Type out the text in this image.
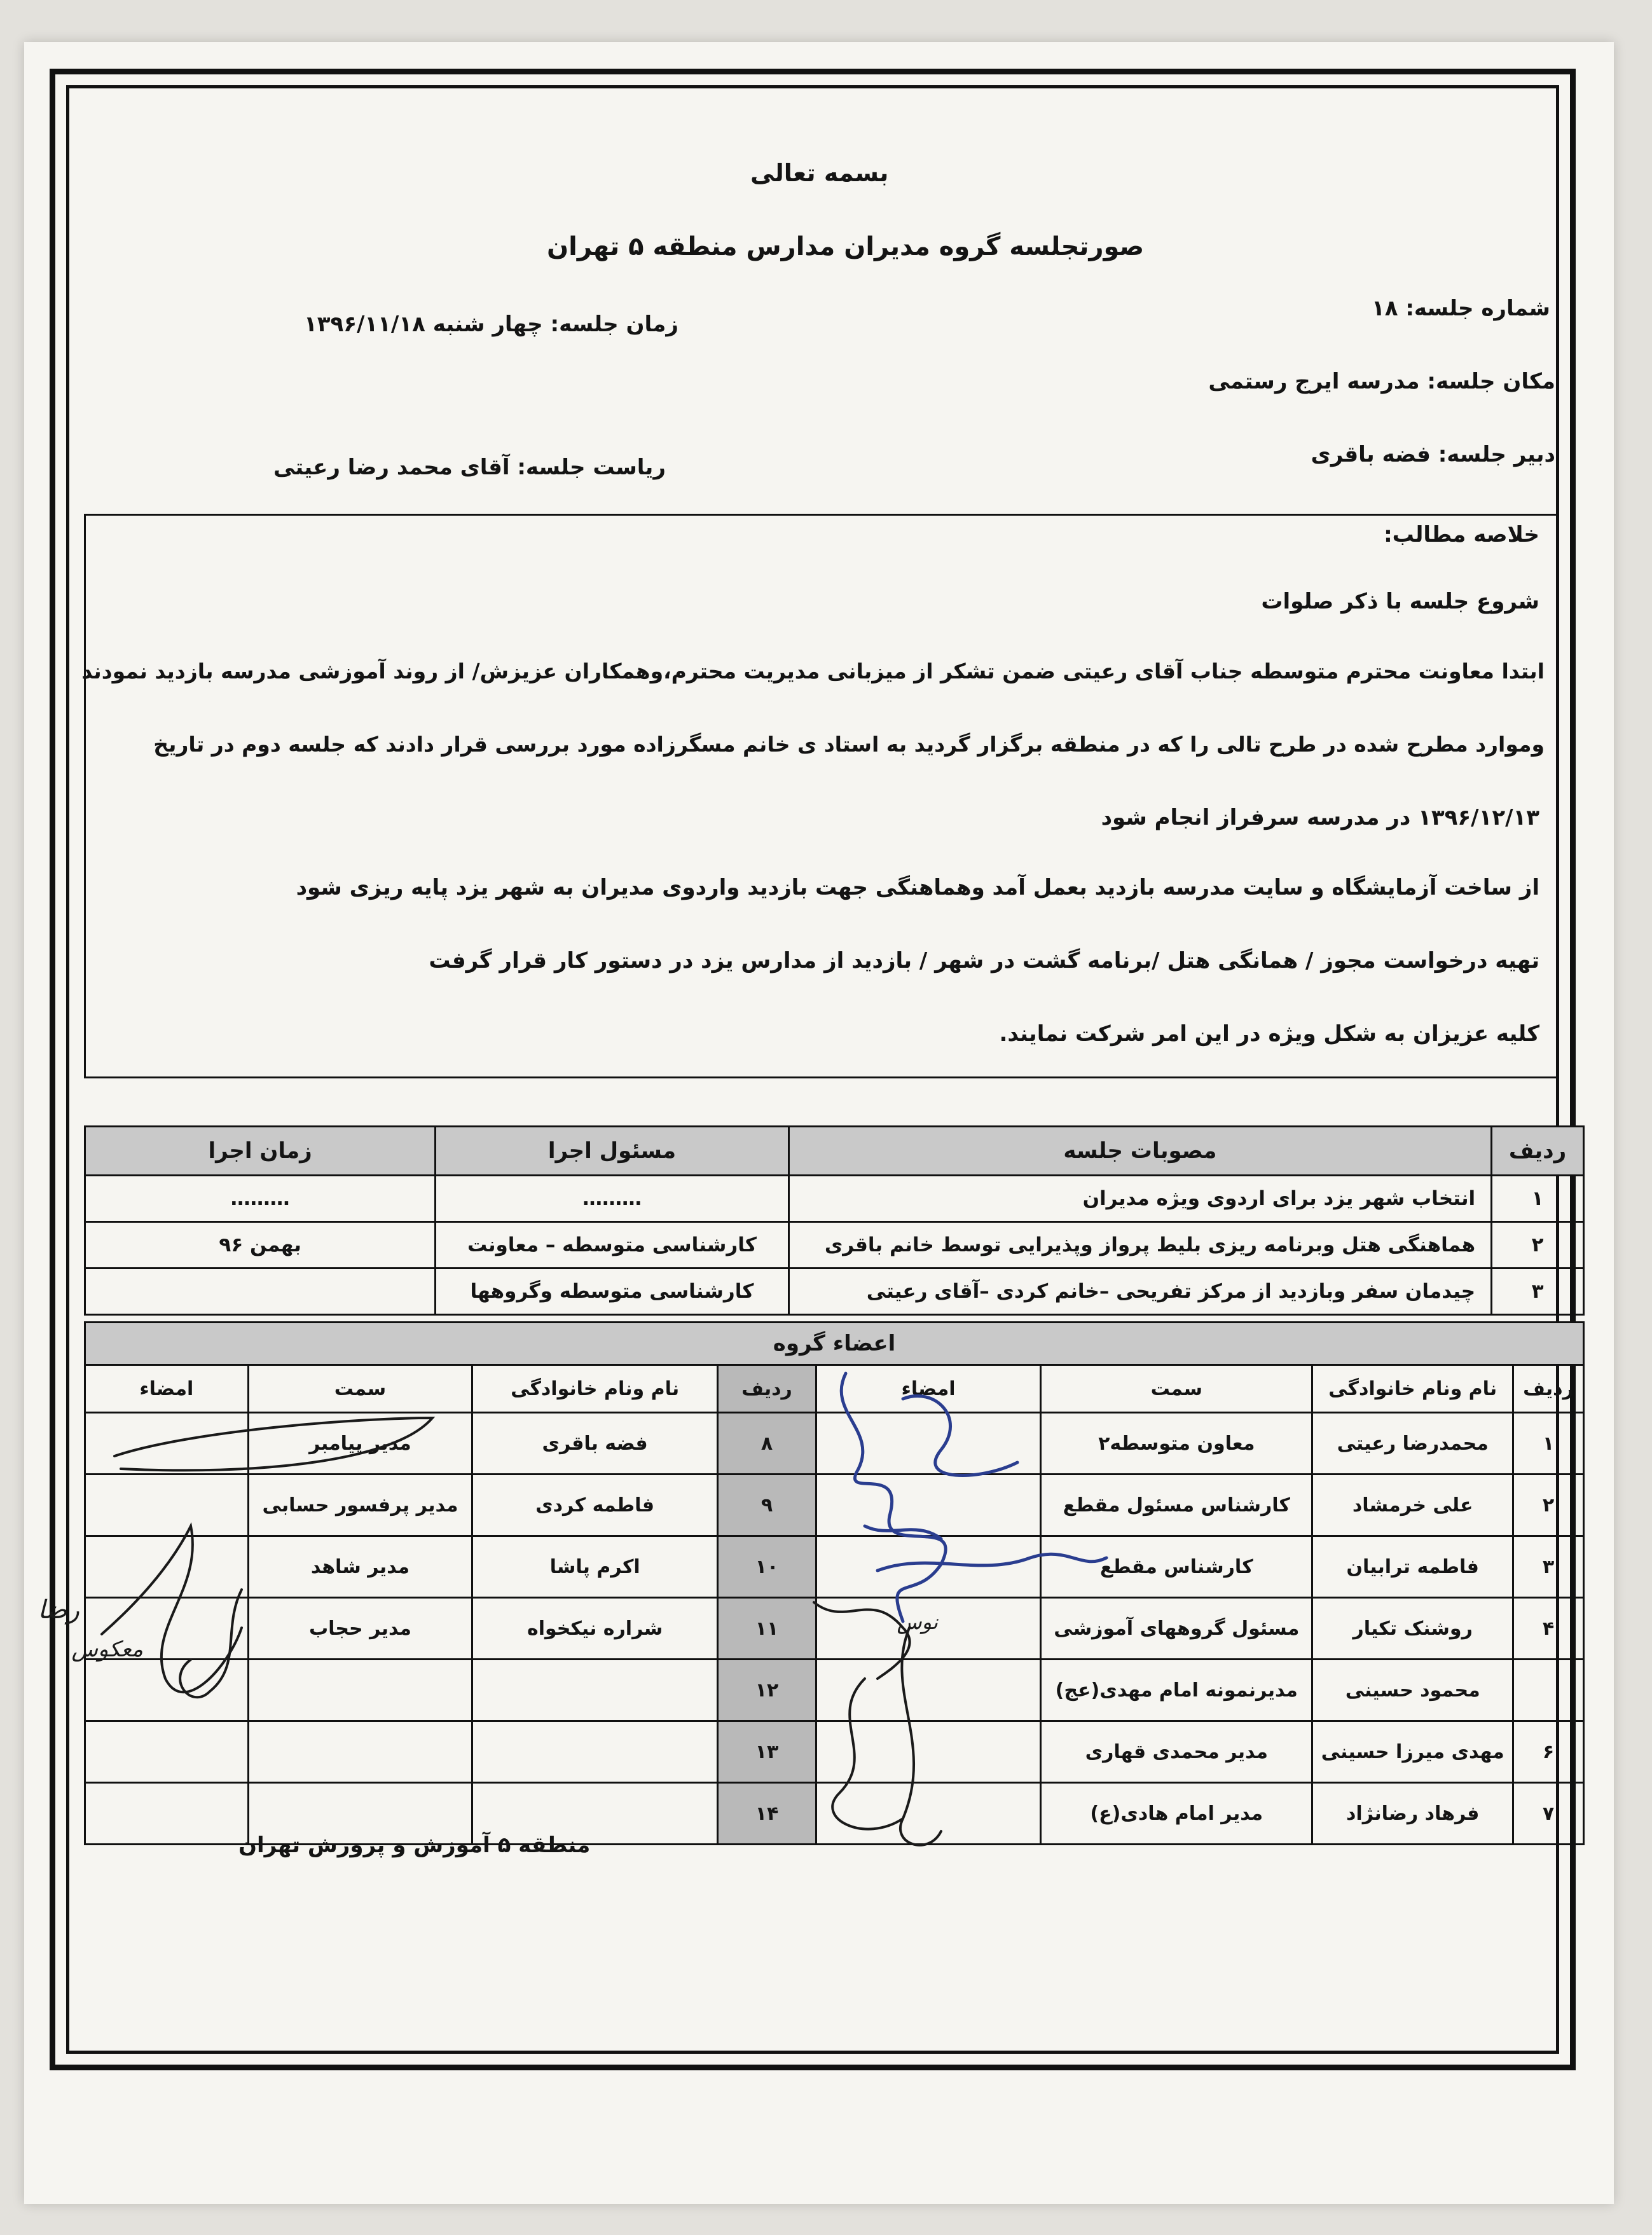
بسمه تعالی
صورتجلسه گروه مدیران مدارس منطقه ۵ تهران
شماره جلسه: ۱۸
زمان جلسه: چهار شنبه ۱۳۹۶/۱۱/۱۸
مکان جلسه: مدرسه ایرج رستمی
دبیر جلسه: فضه باقری
ریاست جلسه: آقای محمد رضا رعیتی
خلاصه مطالب:
شروع جلسه با ذکر صلوات
ابتدا معاونت محترم متوسطه جناب آقای رعیتی ضمن تشکر از میزبانی مدیریت محترم،وهمکاران عزیزش/ از روند آموزشی مدرسه بازدید نمودند
وموارد مطرح شده در طرح تالی را که در منطقه برگزار گردید به استاد ی خانم مسگرزاده مورد بررسی قرار دادند که جلسه دوم در تاریخ
۱۳۹۶/۱۲/۱۳ در مدرسه سرفراز انجام شود
از ساخت آزمایشگاه و سایت مدرسه بازدید بعمل آمد وهماهنگی جهت بازدید واردوی مدیران به شهر یزد پایه ریزی شود
تهیه درخواست مجوز / همانگی هتل /برنامه گشت در شهر / بازدید از مدارس یزد در دستور کار قرار گرفت
کلیه عزیزان به شکل ویژه در این امر شرکت نمایند.
ردیف	مصوبات جلسه	مسئول اجرا	زمان اجرا
۱	انتخاب شهر یزد برای اردوی ویژه مدیران	………	………
۲	هماهنگی هتل وبرنامه ریزی بلیط پرواز وپذیرایی توسط خانم باقری	کارشناسی متوسطه – معاونت	بهمن ۹۶
۳	چیدمان سفر وبازدید از مرکز تفریحی –خانم کردی –آقای رعیتی	کارشناسی متوسطه وگروهها	
اعضاء گروه							
ردیف	نام ونام خانوادگی	سمت	امضاء	ردیف	نام ونام خانوادگی	سمت	امضاء
۱	محمدرضا رعیتی	معاون متوسطه۲		۸	فضه باقری	مدیر پیامبر	
۲	علی خرمشاد	کارشناس مسئول مقطع		۹	فاطمه کردی	مدیر پرفسور حسابی	
۳	فاطمه ترابیان	کارشناس مقطع		۱۰	اکرم پاشا	مدیر شاهد	
۴	روشنک تکیار	مسئول گروههای آموزشی		۱۱	شراره نیکخواه	مدیر حجاب	
	محمود حسینی	مدیرنمونه امام مهدی(عج)		۱۲			
۶	مهدی میرزا حسینی	مدیر محمدی قهاری		۱۳			
۷	فرهاد رضانژاد	مدیر امام هادی(ع)		۱۴			
منطقه ۵ آموزش و پرورش تهران
رضا
معکوس
نوس
